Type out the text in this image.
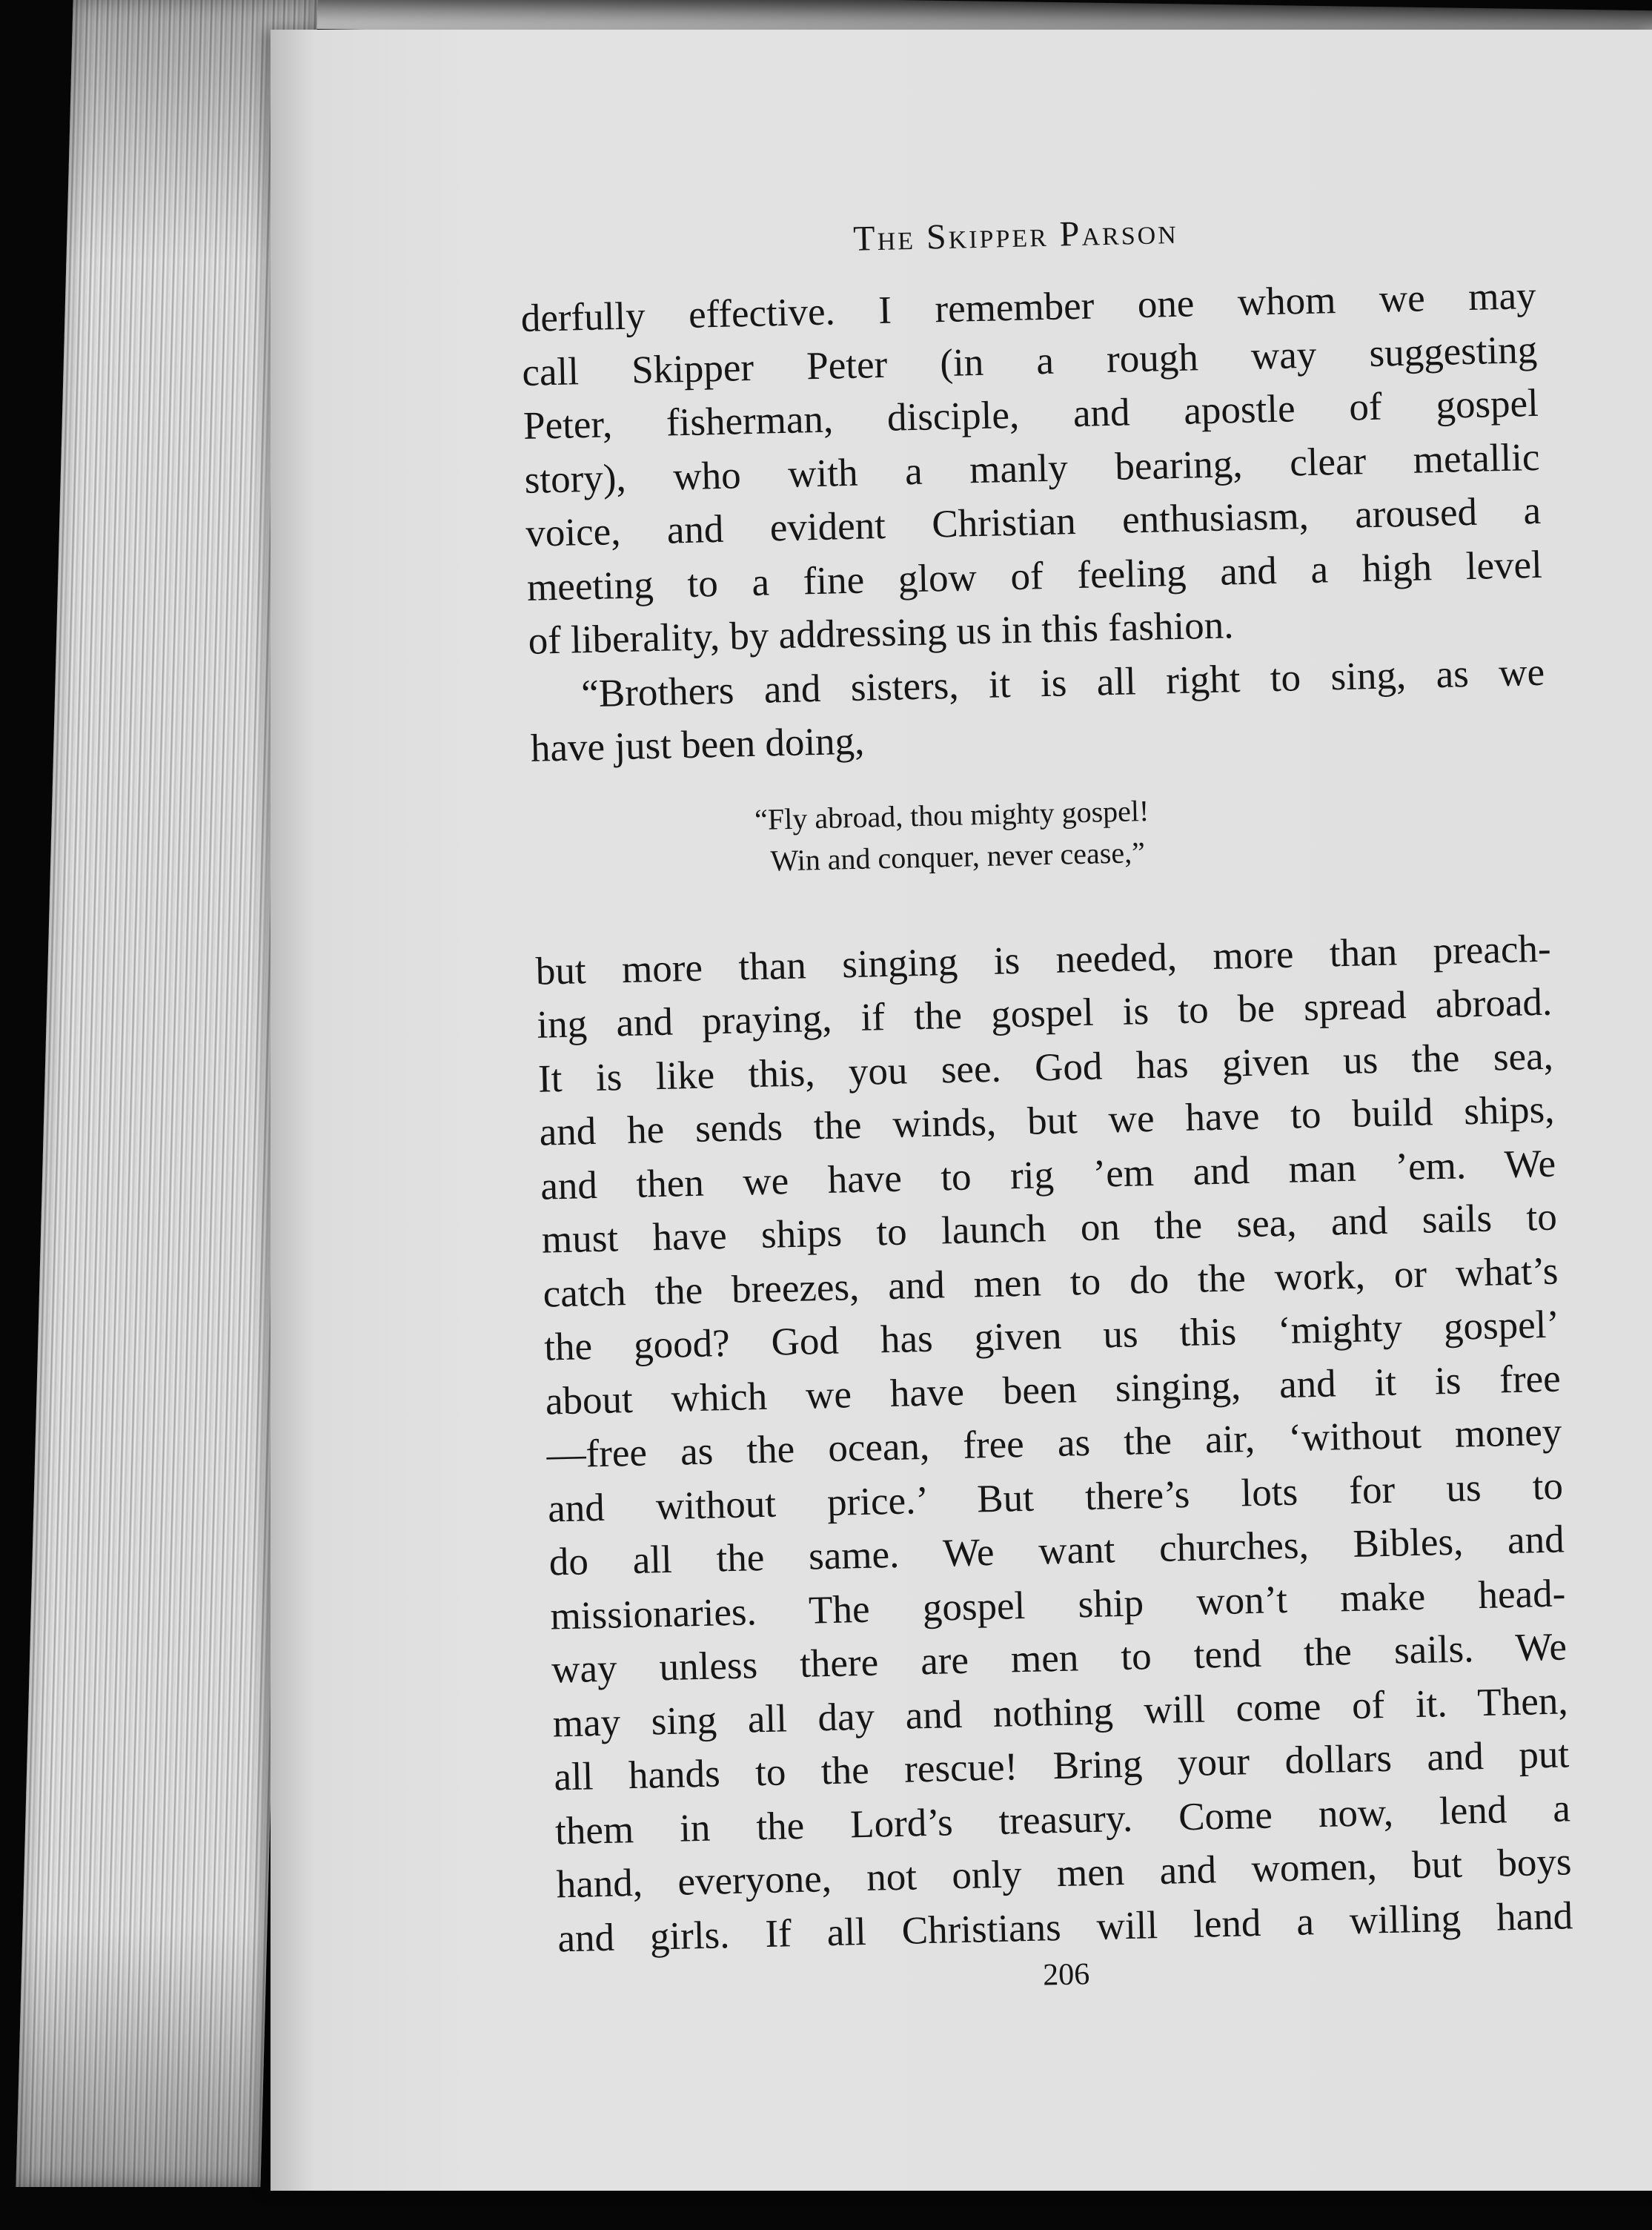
The Skipper Parson

derfully effective. I remember one whom we may
call Skipper Peter (in a rough way suggesting
Peter, fisherman, disciple, and apostle of gospel
story), who with a manly bearing, clear metallic
voice, and evident Christian enthusiasm, aroused a
meeting to a fine glow of feeling and a high level
of liberality, by addressing us in this fashion.

“Brothers and sisters, it is all right to sing, as we
have just been doing,

“Fly abroad, thou mighty gospel!
Win and conquer, never cease,”

but more than singing is needed, more than preach-
ing and praying, if the gospel is to be spread abroad.
It is like this, you see. God has given us the sea,
and he sends the winds, but we have to build ships,
and then we have to rig ’em and man ’em. We
must have ships to launch on the sea, and sails to
catch the breezes, and men to do the work, or what’s
the good? God has given us this ‘mighty gospel’
about which we have been singing, and it is free
—free as the ocean, free as the air, ‘without money
and without price.’ But there’s lots for us to
do all the same. We want churches, Bibles, and
missionaries. The gospel ship won’t make head-
way unless there are men to tend the sails. We
may sing all day and nothing will come of it. Then,
all hands to the rescue! Bring your dollars and put
them in the Lord’s treasury. Come now, lend a
hand, everyone, not only men and women, but boys
and girls. If all Christians will lend a willing hand

206
